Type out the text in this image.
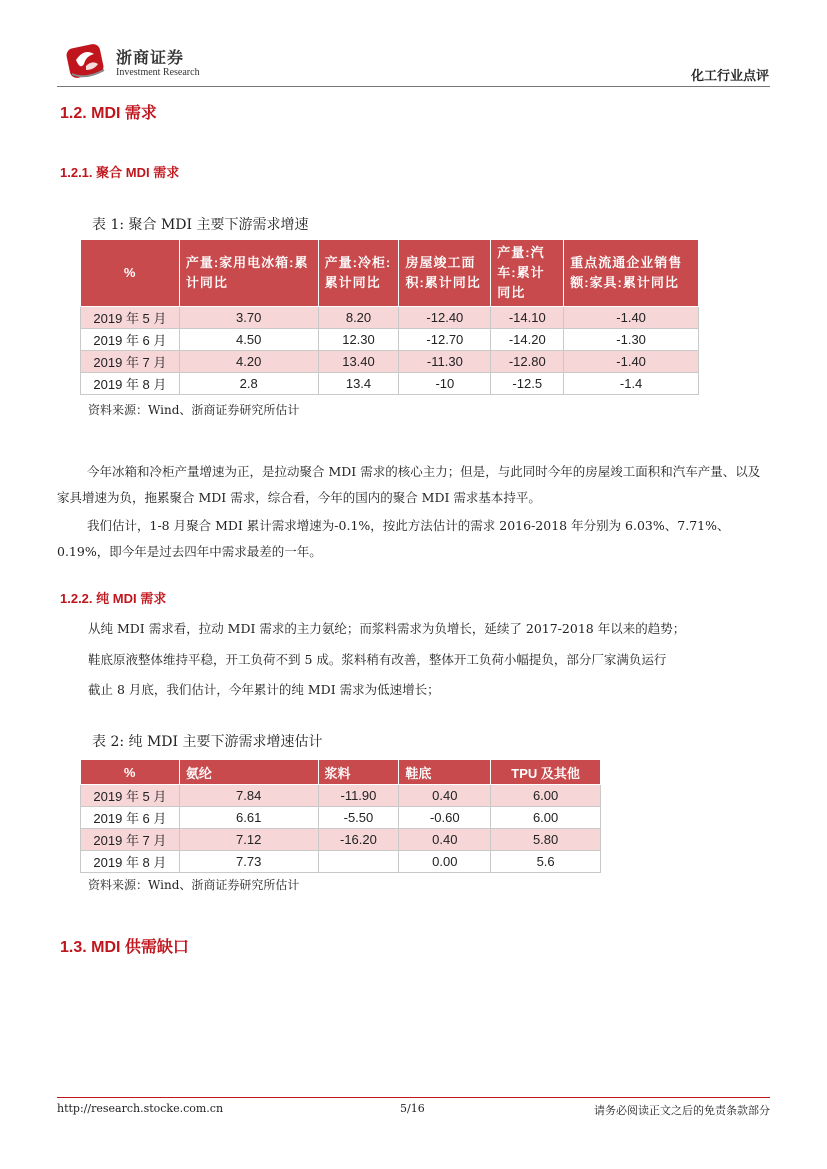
浙商证券
Investment Research	化工行业点评
1.2. MDI 需求
1.2.1. 聚合 MDI 需求
表 1: 聚合 MDI 主要下游需求增速
%	产量:家用电冰箱:累计同比	产量:冷柜:累计同比	房屋竣工面积:累计同比	产量:汽车:累计同比	重点流通企业销售额:家具:累计同比
2019 年 5 月	3.70	8.20	-12.40	-14.10	-1.40
2019 年 6 月	4.50	12.30	-12.70	-14.20	-1.30
2019 年 7 月	4.20	13.40	-11.30	-12.80	-1.40
2019 年 8 月	2.8	13.4	-10	-12.5	-1.4
资料来源：Wind、浙商证券研究所估计
今年冰箱和冷柜产量增速为正，是拉动聚合 MDI 需求的核心主力；但是，与此同时今年的房屋竣工面积和汽车产量、以及家具增速为负，拖累聚合 MDI 需求，综合看，今年的国内的聚合 MDI 需求基本持平。
我们估计，1-8 月聚合 MDI 累计需求增速为-0.1%，按此方法估计的需求 2016-2018 年分别为 6.03%、7.71%、0.19%，即今年是过去四年中需求最差的一年。
1.2.2. 纯 MDI 需求
从纯 MDI 需求看，拉动 MDI 需求的主力氨纶；而浆料需求为负增长，延续了 2017-2018 年以来的趋势；
鞋底原液整体维持平稳，开工负荷不到 5 成。浆料稍有改善，整体开工负荷小幅提负，部分厂家满负运行
截止 8 月底，我们估计，今年累计的纯 MDI 需求为低速增长；
表 2: 纯 MDI 主要下游需求增速估计
%	氨纶	浆料	鞋底	TPU 及其他
2019 年 5 月	7.84	-11.90	0.40	6.00
2019 年 6 月	6.61	-5.50	-0.60	6.00
2019 年 7 月	7.12	-16.20	0.40	5.80
2019 年 8 月	7.73		0.00	5.6
资料来源：Wind、浙商证券研究所估计
1.3. MDI 供需缺口
http://research.stocke.com.cn	5/16	请务必阅读正文之后的免责条款部分
